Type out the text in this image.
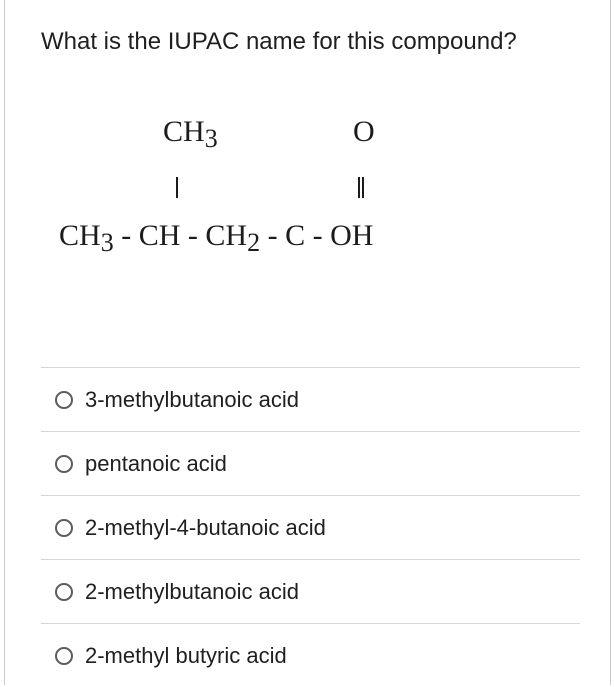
What is the IUPAC name for this compound?
$CH_3$	O
$CH_3$ - CH - $CH_2$ - C - OH
3-methylbutanoic acid
pentanoic acid
2-methyl-4-butanoic acid
2-methylbutanoic acid
2-methyl butyric acid
